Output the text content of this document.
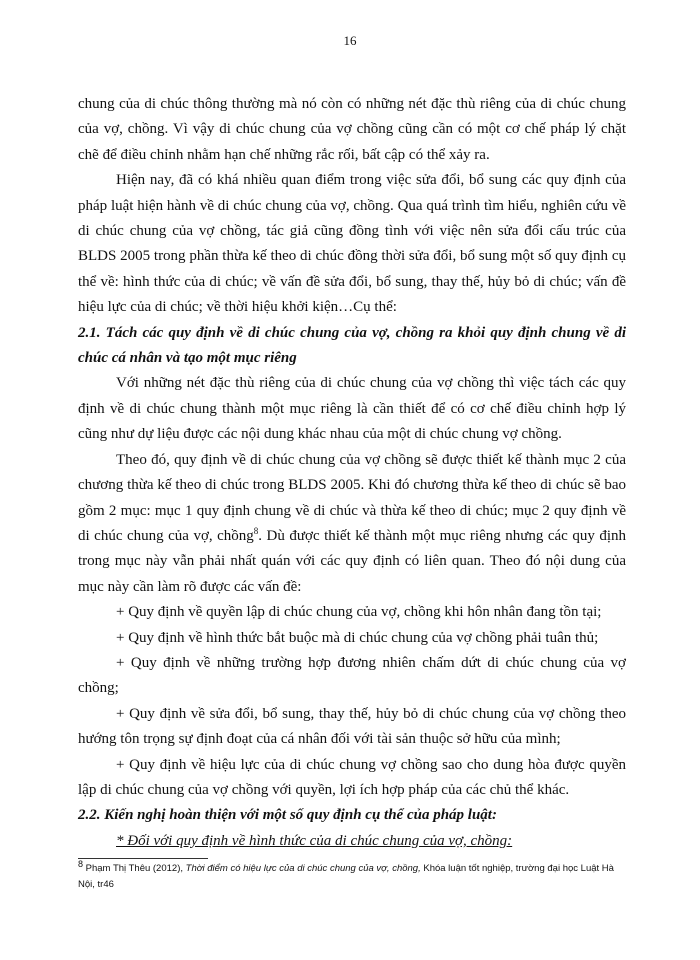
16

chung của di chúc thông thường mà nó còn có những nét đặc thù riêng của di chúc chung của vợ, chồng. Vì vậy di chúc chung của vợ chồng cũng cần có một cơ chế pháp lý chặt chẽ để điều chỉnh nhằm hạn chế những rắc rối, bất cập có thể xảy ra.

Hiện nay, đã có khá nhiều quan điểm trong việc sửa đổi, bổ sung các quy định của pháp luật hiện hành về di chúc chung của vợ, chồng. Qua quá trình tìm hiểu, nghiên cứu về di chúc chung của vợ chồng, tác giả cũng đồng tình với việc nên sửa đổi cấu trúc của BLDS 2005 trong phần thừa kế theo di chúc đồng thời sửa đổi, bổ sung một số quy định cụ thể về: hình thức của di chúc; về vấn đề sửa đổi, bổ sung, thay thế, hủy bỏ di chúc; vấn đề hiệu lực của di chúc; về thời hiệu khởi kiện…Cụ thể:

2.1. Tách các quy định về di chúc chung của vợ, chồng ra khỏi quy định chung về di chúc cá nhân và tạo một mục riêng

Với những nét đặc thù riêng của di chúc chung của vợ chồng thì việc tách các quy định về di chúc chung thành một mục riêng là cần thiết để có cơ chế điều chỉnh hợp lý cũng như dự liệu được các nội dung khác nhau của một di chúc chung vợ chồng.

Theo đó, quy định về di chúc chung của vợ chồng sẽ được thiết kế thành mục 2 của chương thừa kế theo di chúc trong BLDS 2005. Khi đó chương thừa kế theo di chúc sẽ bao gồm 2 mục: mục 1 quy định chung về di chúc và thừa kế theo di chúc; mục 2 quy định về di chúc chung của vợ, chồng$^8$. Dù được thiết kế thành một mục riêng nhưng các quy định trong mục này vẫn phải nhất quán với các quy định có liên quan. Theo đó nội dung của mục này cần làm rõ được các vấn đề:

+ Quy định về quyền lập di chúc chung của vợ, chồng khi hôn nhân đang tồn tại;

+ Quy định về hình thức bắt buộc mà di chúc chung của vợ chồng phải tuân thủ;

+ Quy định về những trường hợp đương nhiên chấm dứt di chúc chung của vợ chồng;

+ Quy định về sửa đổi, bổ sung, thay thế, hủy bỏ di chúc chung của vợ chồng theo hướng tôn trọng sự định đoạt của cá nhân đối với tài sản thuộc sở hữu của mình;

+ Quy định về hiệu lực của di chúc chung vợ chồng sao cho dung hòa được quyền lập di chúc chung của vợ chồng với quyền, lợi ích hợp pháp của các chủ thể khác.

2.2. Kiến nghị hoàn thiện với một số quy định cụ thể của pháp luật:

* Đối với quy định về hình thức của di chúc chung của vợ, chồng:

$^8$ Phạm Thị Thêu (2012), Thời điểm có hiệu lực của di chúc chung của vợ, chồng, Khóa luận tốt nghiệp, trường đại học Luật Hà Nội, tr46
